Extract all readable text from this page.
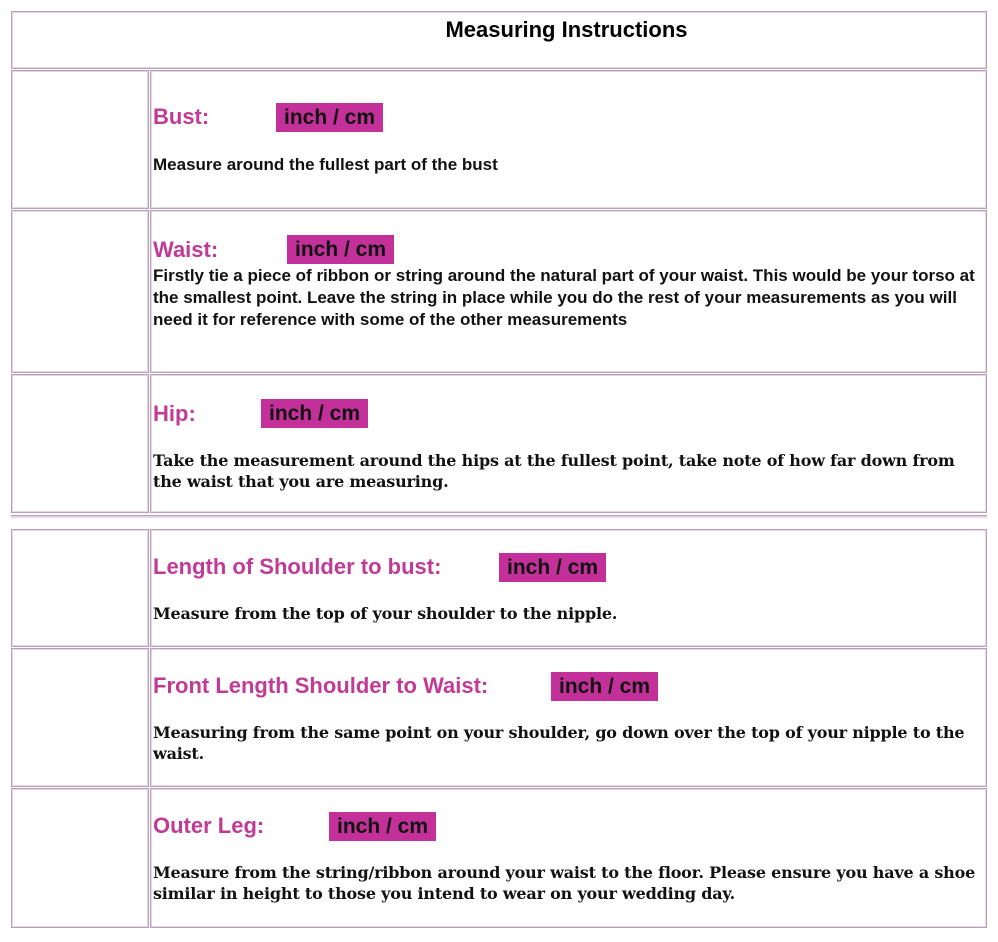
Measuring Instructions
Bust:	inch / cm
Measure around the fullest part of the bust
Waist:	inch / cm
Firstly tie a piece of ribbon or string around the natural part of your waist. This would be your torso at the smallest point. Leave the string in place while you do the rest of your measurements as you will need it for reference with some of the other measurements
Hip:	inch / cm
Take the measurement around the hips at the fullest point, take note of how far down from the waist that you are measuring.
Length of Shoulder to bust:	inch / cm
Measure from the top of your shoulder to the nipple.
Front Length Shoulder to Waist:	inch / cm
Measuring from the same point on your shoulder, go down over the top of your nipple to the waist.
Outer Leg:	inch / cm
Measure from the string/ribbon around your waist to the floor. Please ensure you have a shoe similar in height to those you intend to wear on your wedding day.
